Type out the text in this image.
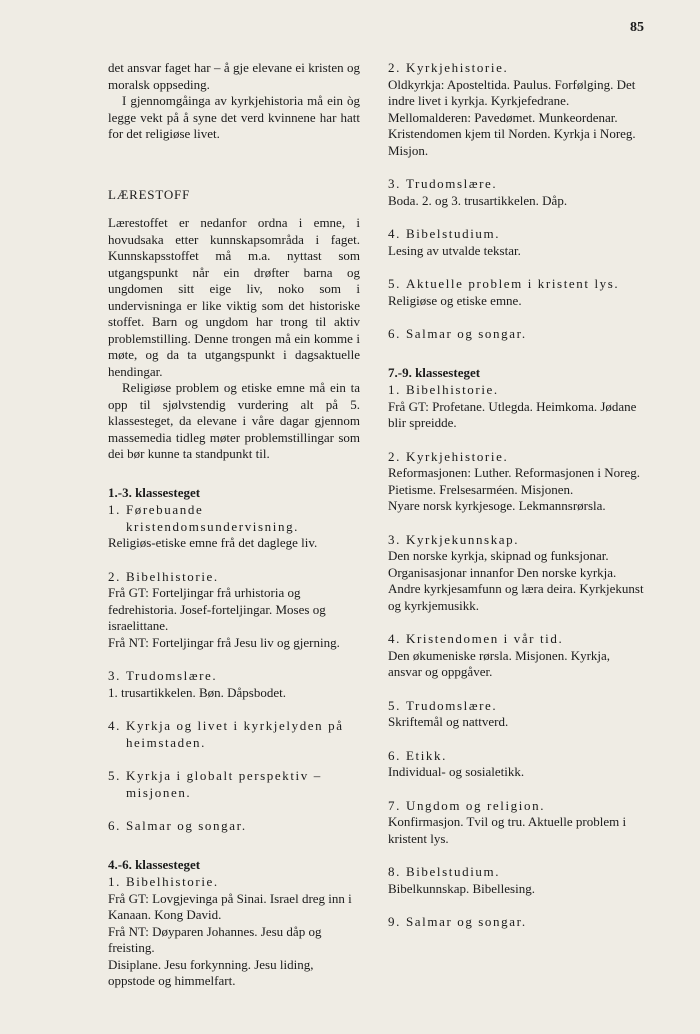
85

det ansvar faget har – å gje elevane ei kristen og moralsk oppseding.

I gjennomgåinga av kyrkjehistoria må ein òg legge vekt på å syne det verd kvinnene har hatt for det religiøse livet.

LÆRESTOFF

Lærestoffet er nedanfor ordna i emne, i hovudsaka etter kunnskapsområda i faget. Kunnskapsstoffet må m.a. nyttast som utgangspunkt når ein drøfter barna og ungdomen sitt eige liv, noko som i undervisninga er like viktig som det historiske stoffet. Barn og ungdom har trong til aktiv problemstilling. Denne trongen må ein komme i møte, og da ta utgangspunkt i dagsaktuelle hendingar.

Religiøse problem og etiske emne må ein ta opp til sjølvstendig vurdering alt på 5. klassesteget, da elevane i våre dagar gjennom massemedia tidleg møter problemstillingar som dei bør kunne ta standpunkt til.

1.-3. klassesteget
1. Førebuande kristendomsundervisning.
Religiøs-etiske emne frå det daglege liv.
2. Bibelhistorie.
Frå GT: Forteljingar frå urhistoria og fedrehistoria. Josef-forteljingar. Moses og israelittane.
Frå NT: Forteljingar frå Jesu liv og gjerning.
3. Trudomslære.
1. trusartikkelen. Bøn. Dåpsbodet.
4. Kyrkja og livet i kyrkjelyden på heimstaden.
5. Kyrkja i globalt perspektiv – misjonen.
6. Salmar og songar.
4.-6. klassesteget
1. Bibelhistorie.
Frå GT: Lovgjevinga på Sinai. Israel dreg inn i Kanaan. Kong David.
Frå NT: Døyparen Johannes. Jesu dåp og freisting.
Disiplane. Jesu forkynning. Jesu liding, oppstode og himmelfart.
2. Kyrkjehistorie.
Oldkyrkja: Aposteltida. Paulus. Forfølging. Det indre livet i kyrkja. Kyrkjefedrane.
Mellomalderen: Pavedømet. Munkeordenar. Kristendomen kjem til Norden. Kyrkja i Noreg. Misjon.
3. Trudomslære.
Boda. 2. og 3. trusartikkelen. Dåp.
4. Bibelstudium.
Lesing av utvalde tekstar.
5. Aktuelle problem i kristent lys.
Religiøse og etiske emne.
6. Salmar og songar.
7.-9. klassesteget
1. Bibelhistorie.
Frå GT: Profetane. Utlegda. Heimkoma. Jødane blir spreidde.
2. Kyrkjehistorie.
Reformasjonen: Luther. Reformasjonen i Noreg.
Pietisme. Frelsesarméen. Misjonen.
Nyare norsk kyrkjesoge. Lekmannsrørsla.
3. Kyrkjekunnskap.
Den norske kyrkja, skipnad og funksjonar. Organisasjonar innanfor Den norske kyrkja. Andre kyrkjesamfunn og læra deira. Kyrkjekunst og kyrkjemusikk.
4. Kristendomen i vår tid.
Den økumeniske rørsla. Misjonen. Kyrkja, ansvar og oppgåver.
5. Trudomslære.
Skriftemål og nattverd.
6. Etikk.
Individual- og sosialetikk.
7. Ungdom og religion.
Konfirmasjon. Tvil og tru. Aktuelle problem i kristent lys.
8. Bibelstudium.
Bibelkunnskap. Bibellesing.
9. Salmar og songar.
